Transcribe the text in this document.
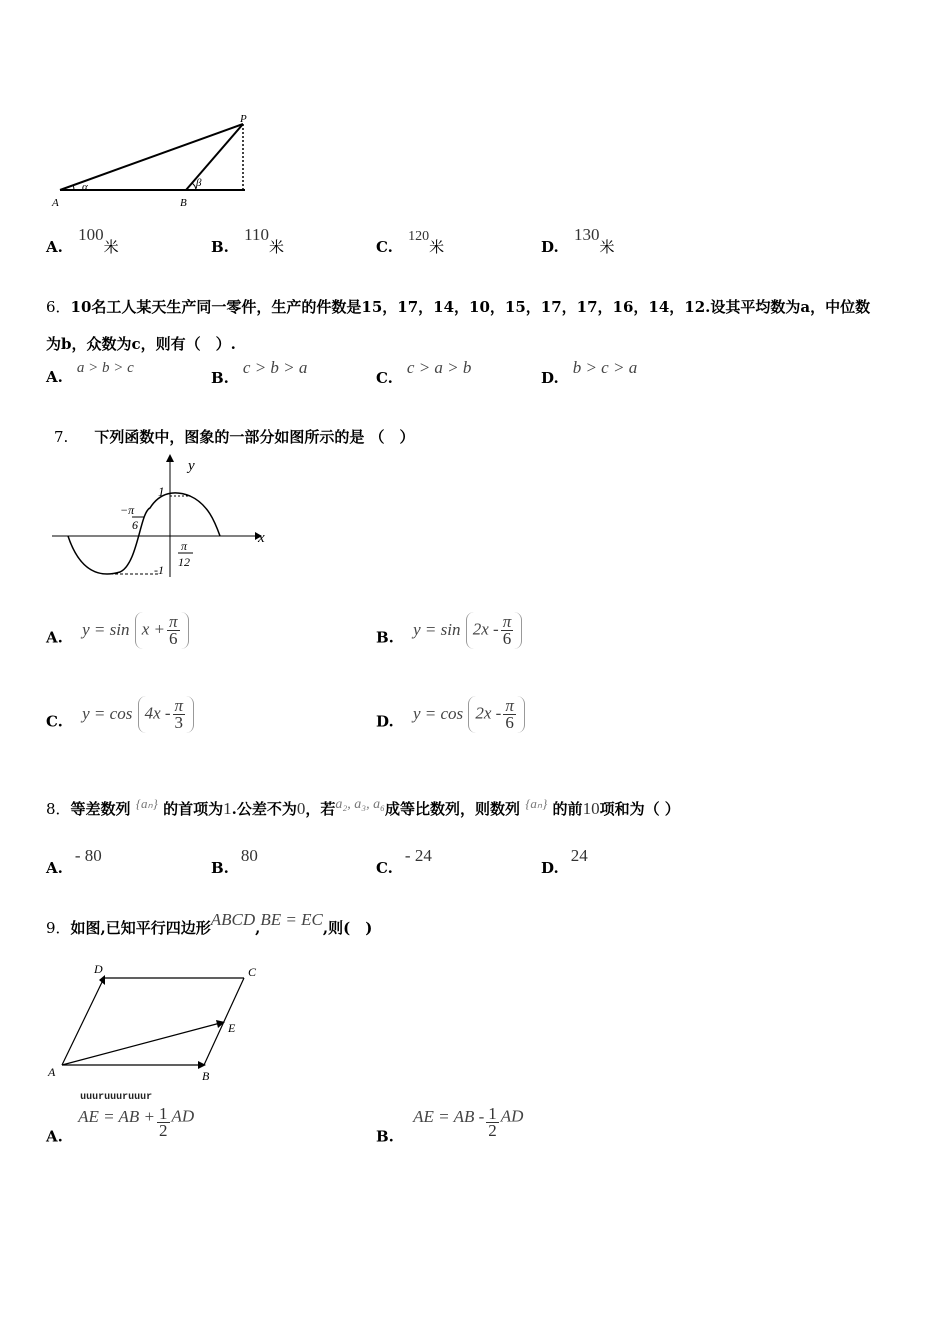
A	B
P
α	β
A. 100米	B. 110米	C. 120米	D. 130米
6．10名工人某天生产同一零件，生产的件数是15，17，14，10，15，17，17，16，14，12.设其平均数为a，中位数
为b，众数为c，则有（　）.
A. a > b > c
B.c > b > a
C.c > a > b
D.b > c > a
7. 下列函数中，图象的一部分如图所示的是 （　）
y
x
1
-1
−π
6
π
12
A. $y = \sin x + \frac{\pi}{6}$	B. $y = \sin 2x - \frac{\pi}{6}$
C. $y = \cos 4x - \frac{\pi}{3}$	D. $y = \cos 2x - \frac{\pi}{6}$
8．等差数列 {aₙ} 的首项为1.公差不为0，若a₂, a₃, a₆成等比数列，则数列 {aₙ} 的前10项和为（ ）
A.- 80
B.80
C.- 24
D.24
9．如图,已知平行四边形ABCD,BE = EC,则(　)
A	B
C
D
E
A.
uuuruuuruuur
AE = AB + $\frac{1}{2}$ AD
B. AE = AB - $\frac{1}{2}$ AD
